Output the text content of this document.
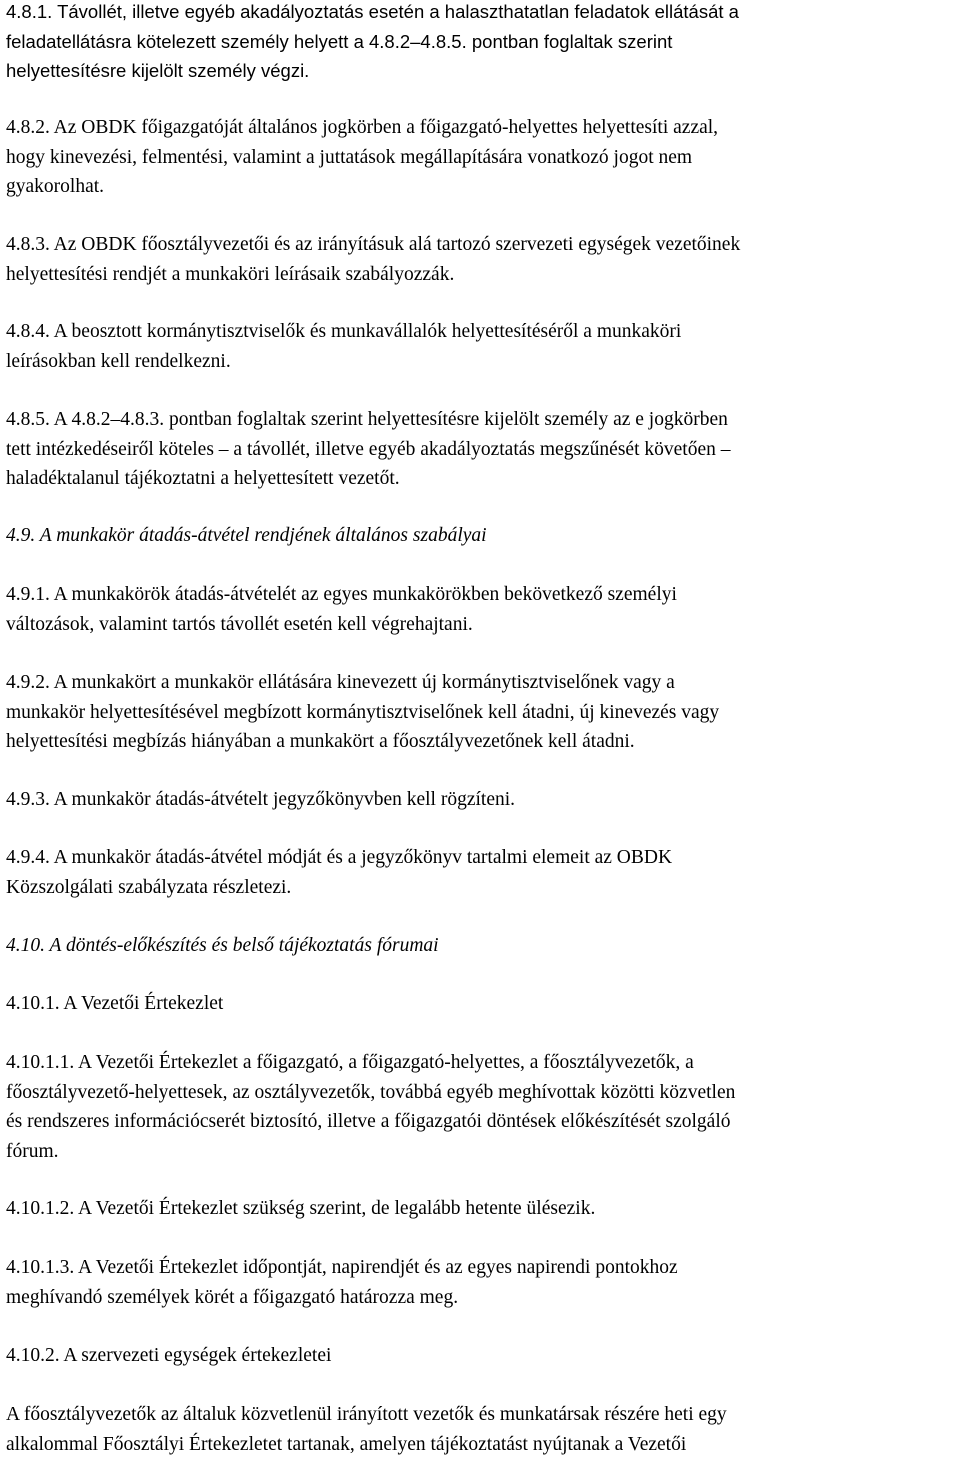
4.8.1. Távollét, illetve egyéb akadályoztatás esetén a halaszthatatlan feladatok ellátását a
feladatellátásra kötelezett személy helyett a 4.8.2–4.8.5. pontban foglaltak szerint
helyettesítésre kijelölt személy végzi.

4.8.2. Az OBDK főigazgatóját általános jogkörben a főigazgató-helyettes helyettesíti azzal,
hogy kinevezési, felmentési, valamint a juttatások megállapítására vonatkozó jogot nem
gyakorolhat.

4.8.3. Az OBDK főosztályvezetői és az irányításuk alá tartozó szervezeti egységek vezetőinek
helyettesítési rendjét a munkaköri leírásaik szabályozzák.

4.8.4. A beosztott kormánytisztviselők és munkavállalók helyettesítéséről a munkaköri
leírásokban kell rendelkezni.

4.8.5. A 4.8.2–4.8.3. pontban foglaltak szerint helyettesítésre kijelölt személy az e jogkörben
tett intézkedéseiről köteles – a távollét, illetve egyéb akadályoztatás megszűnését követően –
haladéktalanul tájékoztatni a helyettesített vezetőt.

4.9. A munkakör átadás-átvétel rendjének általános szabályai

4.9.1. A munkakörök átadás-átvételét az egyes munkakörökben bekövetkező személyi
változások, valamint tartós távollét esetén kell végrehajtani.

4.9.2. A munkakört a munkakör ellátására kinevezett új kormánytisztviselőnek vagy a
munkakör helyettesítésével megbízott kormánytisztviselőnek kell átadni, új kinevezés vagy
helyettesítési megbízás hiányában a munkakört a főosztályvezetőnek kell átadni.

4.9.3. A munkakör átadás-átvételt jegyzőkönyvben kell rögzíteni.

4.9.4. A munkakör átadás-átvétel módját és a jegyzőkönyv tartalmi elemeit az OBDK
Közszolgálati szabályzata részletezi.

4.10. A döntés-előkészítés és belső tájékoztatás fórumai

4.10.1. A Vezetői Értekezlet

4.10.1.1. A Vezetői Értekezlet a főigazgató, a főigazgató-helyettes, a főosztályvezetők, a
főosztályvezető-helyettesek, az osztályvezetők, továbbá egyéb meghívottak közötti közvetlen
és rendszeres információcserét biztosító, illetve a főigazgatói döntések előkészítését szolgáló
fórum.

4.10.1.2. A Vezetői Értekezlet szükség szerint, de legalább hetente ülésezik.

4.10.1.3. A Vezetői Értekezlet időpontját, napirendjét és az egyes napirendi pontokhoz
meghívandó személyek körét a főigazgató határozza meg.

4.10.2. A szervezeti egységek értekezletei

A főosztályvezetők az általuk közvetlenül irányított vezetők és munkatársak részére heti egy
alkalommal Főosztályi Értekezletet tartanak, amelyen tájékoztatást nyújtanak a Vezetői
